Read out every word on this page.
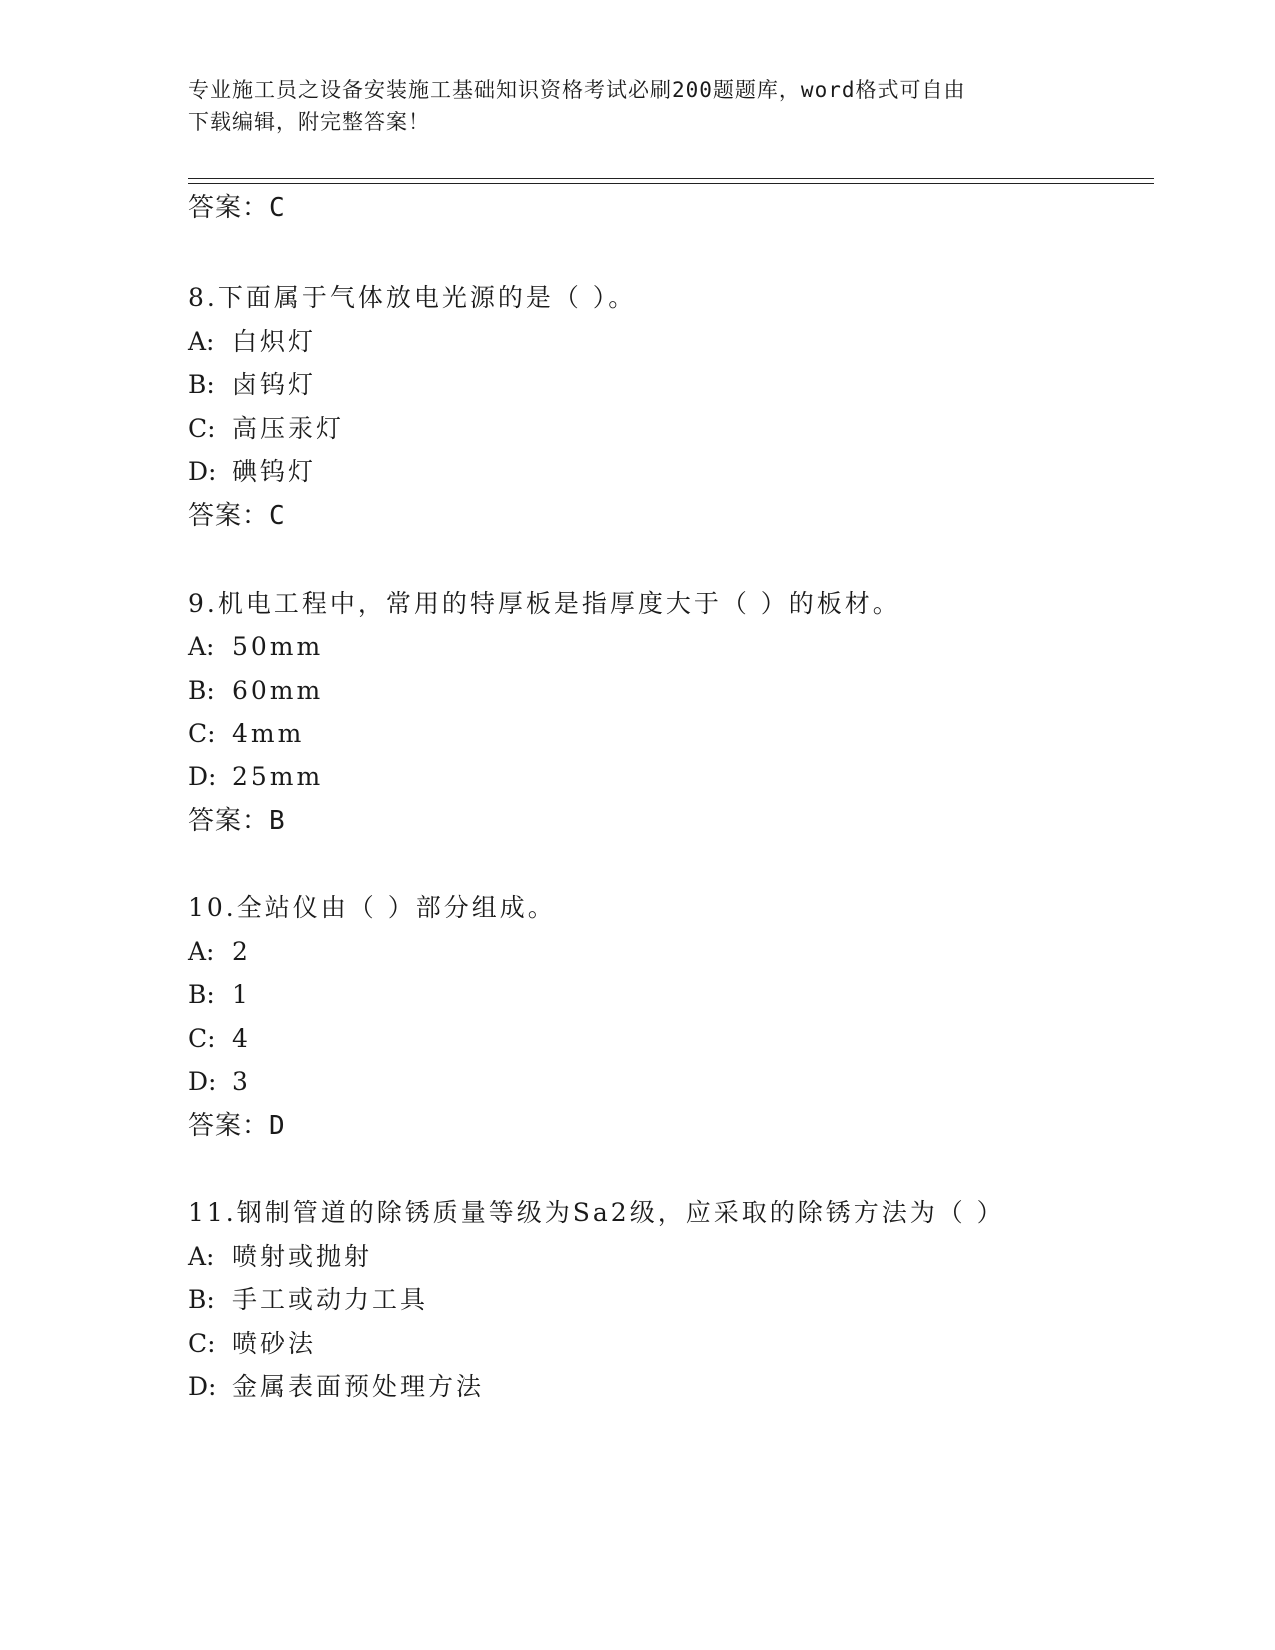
专业施工员之设备安装施工基础知识资格考试必刷200题题库，word格式可自由
下载编辑，附完整答案！
答案：C
8.下面属于气体放电光源的是（ ）。
A: 白炽灯
B: 卤钨灯
C: 高压汞灯
D: 碘钨灯
答案：C
9.机电工程中，常用的特厚板是指厚度大于（ ）的板材。
A: 50mm
B: 60mm
C: 4mm
D: 25mm
答案：B
10.全站仪由（ ）部分组成。
A: 2
B: 1
C: 4
D: 3
答案：D
11.钢制管道的除锈质量等级为Sa2级，应采取的除锈方法为（ ）
A: 喷射或抛射
B: 手工或动力工具
C: 喷砂法
D: 金属表面预处理方法
